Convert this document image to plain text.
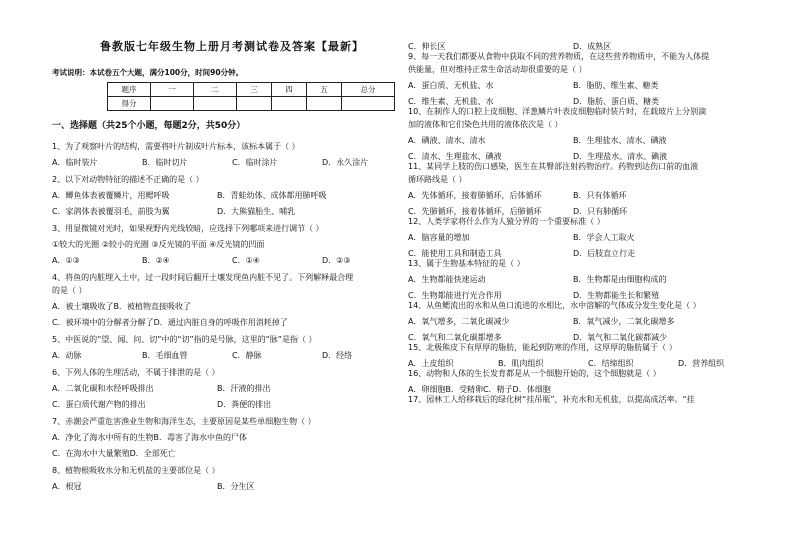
鲁教版七年级生物上册月考测试卷及答案【最新】
考试说明：本试卷五个大题，满分100分，时间90分钟。
题序	一	二	三	四	五	总分
得分						
一、选择题（共25个小题，每题2分，共50分）
1、为了观察叶片的结构，需要将叶片制成叶片标本，该标本属于（ ）
A．临时装片	B．临时切片	C．临时涂片	D．永久涂片
2、以下对动物特征的描述不正确的是（ ）
A．鲫鱼体表被覆鳞片，用鳃呼吸	B．青蛙幼体、成体都用肺呼吸
C．家鸽体表被覆羽毛，前肢为翼	D．大熊猫胎生、哺乳
3、用显微镜对光时，如果视野内光线较暗，应选择下列哪项来进行调节（ ）
①较大的光圈 ②较小的光圈 ③反光镜的平面 ④反光镜的凹面
A．①③	B．②④	C．①④	D．②③
4、将鱼的内脏埋入土中，过一段时间后翻开土壤发现鱼内脏不见了。下列解释最合理
的是（ ）
A．被土壤吸收了B．被植物直接吸收了
C．被环境中的分解者分解了D．通过内脏自身的呼吸作用消耗掉了
5、中医说的“望、闻、问、切”中的“切”指的是号脉，这里的“脉”是指（ ）
A．动脉	B．毛细血管	C．静脉	D．经络
6、下列人体的生理活动，不属于排泄的是（ ）
A．二氧化碳和水经呼吸排出	B．汗液的排出
C．蛋白质代谢产物的排出	D．粪便的排出
7、赤潮会严重危害渔业生物和海洋生态，主要原因是某些单细胞生物（ ）
A．净化了海水中所有的生物B．毒害了海水中鱼的尸体
C．在海水中大量繁殖D．全部死亡
8、植物根吸收水分和无机盐的主要部位是（ ）
A．根冠	B．分生区
C．伸长区	D．成熟区
9、每一天我们都要从食物中获取不同的营养物质，在这些营养物质中，不能为人体提
供能量，但对维持正常生命活动却很重要的是（ ）
A．蛋白质、无机盐、水	B．脂肪、维生素、糖类
C．维生素、无机盐、水	D．脂肪、蛋白质、糖类
10、在制作人的口腔上皮细胞、洋葱鳞片叶表皮细胞临时装片时，在载玻片上分别滴
加的液体和它们染色共用的液体依次是（ ）
A．碘液、清水、清水	B．生理盐水、清水、碘液
C．清水、生理盐水、碘液	D．生理盐水、清水、碘液
11、某同学上肢的伤口感染，医生在其臀部注射药物治疗。药物到达伤口前的血液
循环路线是（ ）
A．先体循环，接着肺循环，后体循环	B．只有体循环
C．先肺循环，接着体循环，后肺循环	D．只有肺循环
12、人类学家将什么作为人猿分界的一个重要标准（ ）
A．脑容量的增加	B．学会人工取火
C．能使用工具和制造工具	D．后肢直立行走
13、属于生物基本特征的是（ ）
A．生物都能快速运动	B．生物都是由细胞构成的
C．生物都能进行光合作用	D．生物都能生长和繁殖
14、从鱼鳃流出的水和从鱼口流进的水相比，水中溶解的气体成分发生变化是（ ）
A．氧气增多，二氧化碳减少	B．氧气减少，二氧化碳增多
C．氧气和二氧化碳都增多	D．氧气和二氧化碳都减少
15、北极熊皮下有厚厚的脂肪，能起到防寒的作用，这厚厚的脂肪属于（ ）
A．上皮组织	B．肌肉组织	C．结缔组织	D．营养组织
16、动物和人体的生长发育都是从一个细胞开始的，这个细胞就是（ ）
A．卵细胞B．受精卵C．精子D．体细胞
17、园林工人给移栽后的绿化树“挂吊瓶”，补充水和无机盐，以提高成活率。“挂
